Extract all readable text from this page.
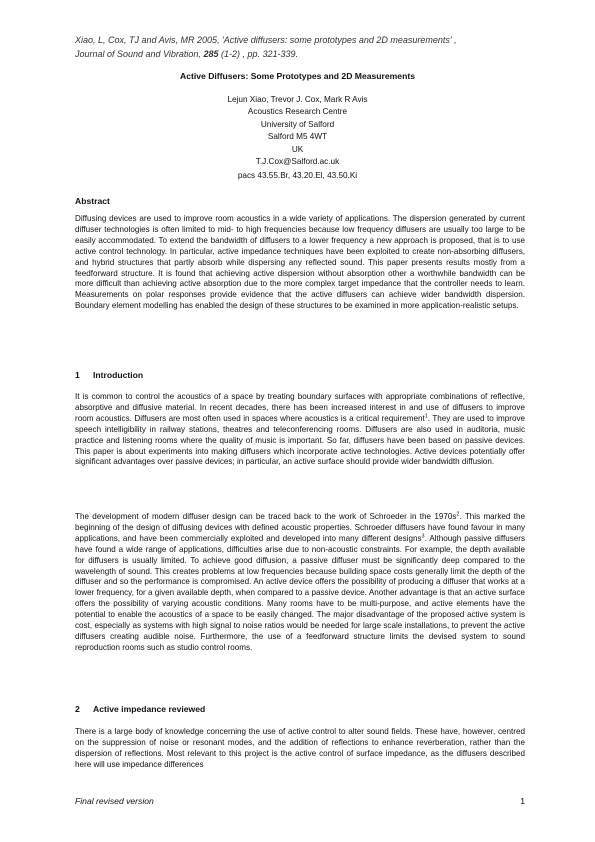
Xiao, L, Cox, TJ and Avis, MR 2005, 'Active diffusers: some prototypes and 2D measurements' ,
Journal of Sound and Vibration, 285 (1-2) , pp. 321-339.
Active Diffusers: Some Prototypes and 2D Measurements
Lejun Xiao, Trevor J. Cox, Mark R Avis
Acoustics Research Centre
University of Salford
Salford M5 4WT
UK
T.J.Cox@Salford.ac.uk
pacs 43.55.Br, 43.20.El, 43.50.Ki
Abstract
Diffusing devices are used to improve room acoustics in a wide variety of applications. The dispersion generated by current diffuser technologies is often limited to mid- to high frequencies because low frequency diffusers are usually too large to be easily accommodated. To extend the bandwidth of diffusers to a lower frequency a new approach is proposed, that is to use active control technology. In particular, active impedance techniques have been exploited to create non-absorbing diffusers, and hybrid structures that partly absorb while dispersing any reflected sound. This paper presents results mostly from a feedforward structure. It is found that achieving active dispersion without absorption other a worthwhile bandwidth can be more difficult than achieving active absorption due to the more complex target impedance that the controller needs to learn. Measurements on polar responses provide evidence that the active diffusers can achieve wider bandwidth dispersion. Boundary element modelling has enabled the design of these structures to be examined in more application-realistic setups.
1 Introduction
It is common to control the acoustics of a space by treating boundary surfaces with appropriate combinations of reflective, absorptive and diffusive material. In recent decades, there has been increased interest in and use of diffusers to improve room acoustics. Diffusers are most often used in spaces where acoustics is a critical requirement$^1$. They are used to improve speech intelligibility in railway stations, theatres and teleconferencing rooms. Diffusers are also used in auditoria, music practice and listening rooms where the quality of music is important. So far, diffusers have been based on passive devices. This paper is about experiments into making diffusers which incorporate active technologies. Active devices potentially offer significant advantages over passive devices; in particular, an active surface should provide wider bandwidth diffusion.
The development of modern diffuser design can be traced back to the work of Schroeder in the $1970s^2$. This marked the beginning of the design of diffusing devices with defined acoustic properties. Schroeder diffusers have found favour in many applications, and have been commercially exploited and developed into many different designs$^3$. Although passive diffusers have found a wide range of applications, difficulties arise due to non-acoustic constraints. For example, the depth available for diffusers is usually limited. To achieve good diffusion, a passive diffuser must be significantly deep compared to the wavelength of sound. This creates problems at low frequencies because building space costs generally limit the depth of the diffuser and so the performance is compromised. An active device offers the possibility of producing a diffuser that works at a lower frequency, for a given available depth, when compared to a passive device. Another advantage is that an active surface offers the possibility of varying acoustic conditions. Many rooms have to be multi-purpose, and active elements have the potential to enable the acoustics of a space to be easily changed. The major disadvantage of the proposed active system is cost, especially as systems with high signal to noise ratios would be needed for large scale installations, to prevent the active diffusers creating audible noise. Furthermore, the use of a feedforward structure limits the devised system to sound reproduction rooms such as studio control rooms.
2 Active impedance reviewed
There is a large body of knowledge concerning the use of active control to alter sound fields. These have, however, centred on the suppression of noise or resonant modes, and the addition of reflections to enhance reverberation, rather than the dispersion of reflections. Most relevant to this project is the active control of surface impedance, as the diffusers described here will use impedance differences
Final revised version	1
